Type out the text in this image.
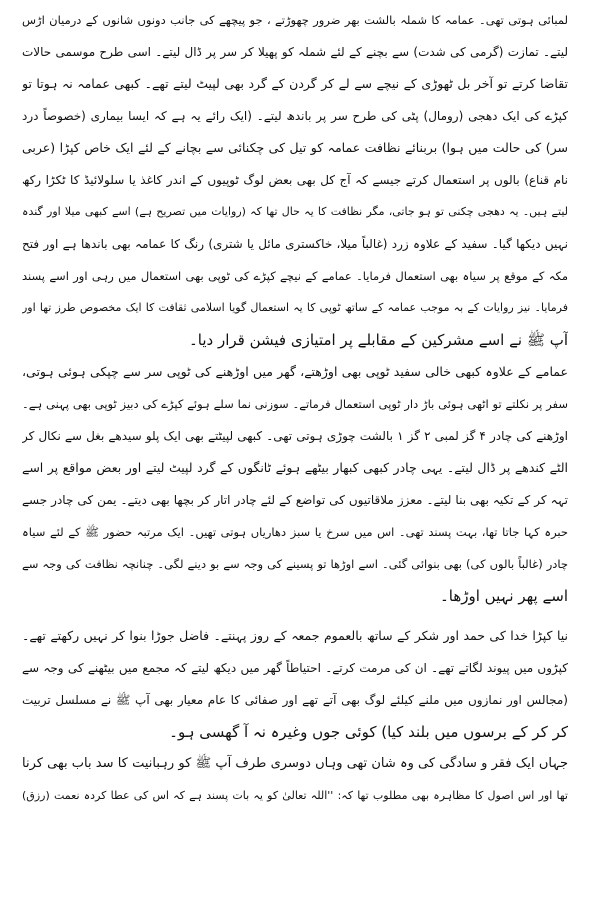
لمبائی ہوتی تھی۔ عمامہ کا شملہ بالشت بھر ضرور چھوڑتے ، جو پیچھے کی جانب دونوں شانوں کے درمیان اڑس
لیتے۔ تمازت (گرمی کی شدت) سے بچنے کے لئے شملہ کو پھیلا کر سر پر ڈال لیتے۔ اسی طرح موسمی حالات
تقاضا کرتے تو آخر بل ٹھوڑی کے نیچے سے لے کر گردن کے گرد بھی لپیٹ لیتے تھے۔ کبھی عمامہ نہ ہوتا تو
کپڑے کی ایک دھجی (رومال) پٹی کی طرح سر پر باندھ لیتے۔ (ایک رائے یہ ہے کہ ایسا بیماری (خصوصاً درد
سر) کی حالت میں ہوا) بربنائے نظافت عمامہ کو تیل کی چکنائی سے بچانے کے لئے ایک خاص کپڑا (عربی
نام قناع) بالوں پر استعمال کرتے جیسے کہ آج کل بھی بعض لوگ ٹوپیوں کے اندر کاغذ یا سلولائیڈ کا ٹکڑا رکھ
لیتے ہیں۔ یہ دھجی چکنی تو ہو جاتی، مگر نظافت کا یہ حال تھا کہ (روایات میں تصریح ہے) اسے کبھی میلا اور گندہ
نہیں دیکھا گیا۔ سفید کے علاوہ زرد (غالباً میلا، خاکستری مائل یا شتری) رنگ کا عمامہ بھی باندھا ہے اور فتح
مکہ کے موقع پر سیاہ بھی استعمال فرمایا۔ عمامے کے نیچے کپڑے کی ٹوپی بھی استعمال میں رہی اور اسے پسند
فرمایا۔ نیز روایات کے بہ موجب عمامہ کے ساتھ ٹوپی کا یہ استعمال گویا اسلامی ثقافت کا ایک مخصوص طرز تھا اور
آپ ﷺ نے اسے مشرکین کے مقابلے پر امتیازی فیشن قرار دیا۔
عمامے کے علاوہ کبھی خالی سفید ٹوپی بھی اوڑھتے، گھر میں اوڑھنے کی ٹوپی سر سے چپکی ہوئی ہوتی،
سفر پر نکلتے تو اٹھی ہوئی باڑ دار ٹوپی استعمال فرماتے۔ سوزنی نما سلے ہوئے کپڑے کی دبیز ٹوپی بھی پہنی ہے۔
اوڑھنے کی چادر ۴ گز لمبی ۲ گز ۱ بالشت چوڑی ہوتی تھی۔ کبھی لپیٹتے بھی ایک پلو سیدھے بغل سے نکال کر
الٹے کندھے پر ڈال لیتے۔ یہی چادر کبھی کبھار بیٹھے ہوئے ٹانگوں کے گرد لپیٹ لیتے اور بعض مواقع پر اسے
تہہ کر کے تکیہ بھی بنا لیتے۔ معزز ملاقاتیوں کی تواضع کے لئے چادر اتار کر بچھا بھی دیتے۔ یمن کی چادر جسے
حبرہ کہا جاتا تھا، بہت پسند تھی۔ اس میں سرخ یا سبز دھاریاں ہوتی تھیں۔ ایک مرتبہ حضور ﷺ کے لئے سیاہ
چادر (غالباً بالوں کی) بھی بنوائی گئی۔ اسے اوڑھا تو پسینے کی وجہ سے بو دینے لگی۔ چنانچہ نظافت کی وجہ سے
اسے پھر نہیں اوڑھا۔
نیا کپڑا خدا کی حمد اور شکر کے ساتھ بالعموم جمعہ کے روز پہنتے۔ فاضل جوڑا بنوا کر نہیں رکھتے تھے۔
کپڑوں میں پیوند لگاتے تھے۔ ان کی مرمت کرتے۔ احتیاطاً گھر میں دیکھ لیتے کہ مجمع میں بیٹھنے کی وجہ سے
(مجالس اور نمازوں میں ملنے کیلئے لوگ بھی آتے تھے اور صفائی کا عام معیار بھی آپ ﷺ نے مسلسل تربیت
کر کر کے برسوں میں بلند کیا) کوئی جوں وغیرہ نہ آ گھسی ہو۔
جہاں ایک فقر و سادگی کی وہ شان تھی وہاں دوسری طرف آپ ﷺ کو رہبانیت کا سد باب بھی کرنا
تھا اور اس اصول کا مظاہرہ بھی مطلوب تھا کہ: ''اللہ تعالیٰ کو یہ بات پسند ہے کہ اس کی عطا کردہ نعمت (رزق)
